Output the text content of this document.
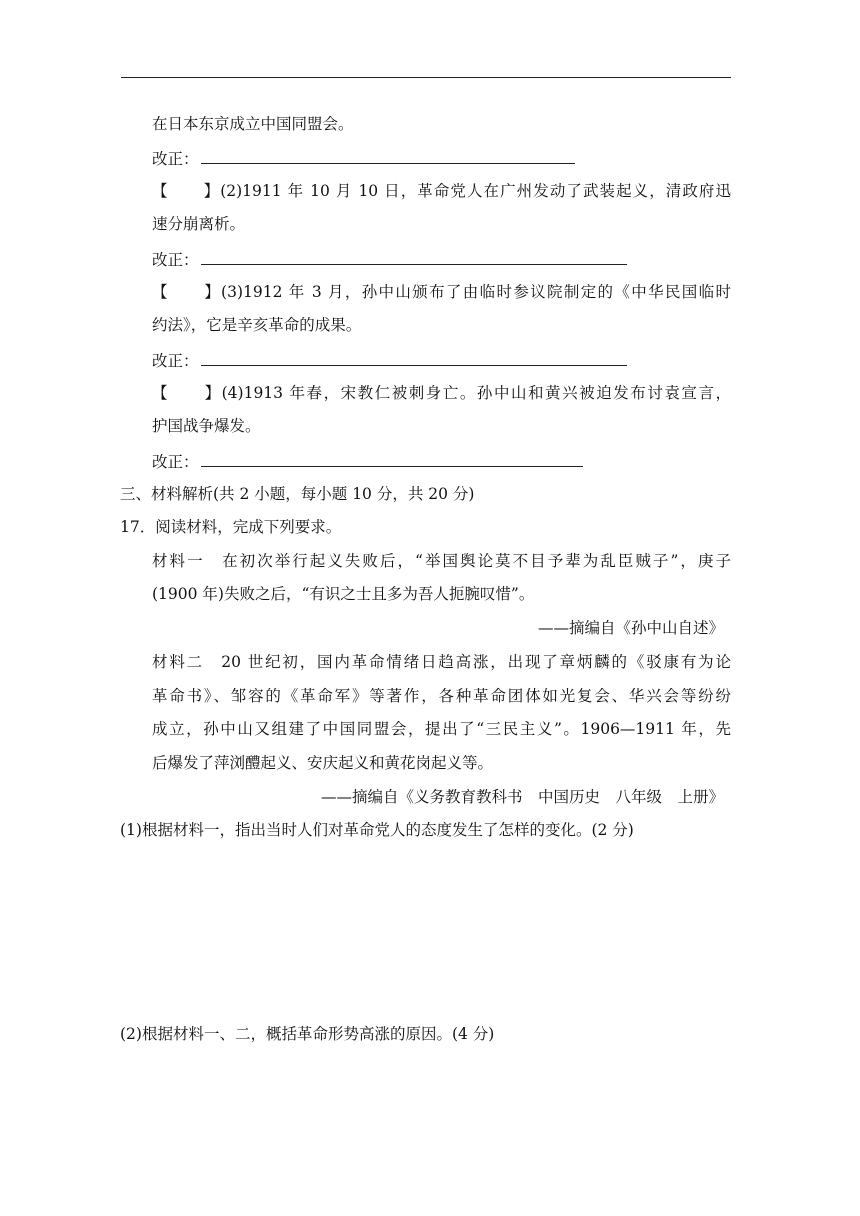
在日本东京成立中国同盟会。
改正：
【 】(2)1911 年 10 月 10 日，革命党人在广州发动了武装起义，清政府迅
速分崩离析。
改正：
【 】(3)1912 年 3 月，孙中山颁布了由临时参议院制定的《中华民国临时
约法》，它是辛亥革命的成果。
改正：
【 】(4)1913 年春，宋教仁被刺身亡。孙中山和黄兴被迫发布讨袁宣言，
护国战争爆发。
改正：
三、材料解析(共 2 小题，每小题 10 分，共 20 分)
17．阅读材料，完成下列要求。
材料一　在初次举行起义失败后，“举国舆论莫不目予辈为乱臣贼子”，庚子
(1900 年)失败之后，“有识之士且多为吾人扼腕叹惜”。
——摘编自《孙中山自述》
材料二　20 世纪初，国内革命情绪日趋高涨，出现了章炳麟的《驳康有为论
革命书》、邹容的《革命军》等著作，各种革命团体如光复会、华兴会等纷纷
成立，孙中山又组建了中国同盟会，提出了“三民主义”。1906—1911 年，先
后爆发了萍浏醴起义、安庆起义和黄花岗起义等。
——摘编自《义务教育教科书　中国历史　八年级　上册》
(1)根据材料一，指出当时人们对革命党人的态度发生了怎样的变化。(2 分)
(2)根据材料一、二，概括革命形势高涨的原因。(4 分)
